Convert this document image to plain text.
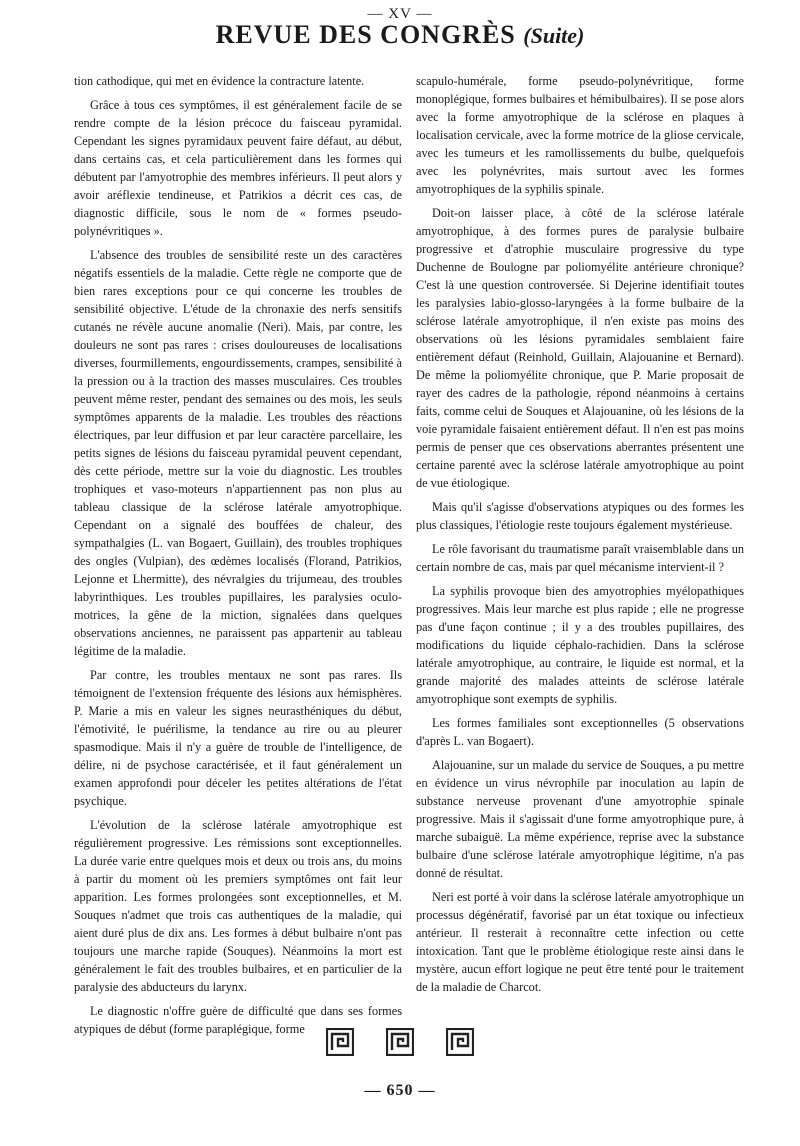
— XV —
REVUE DES CONGRÈS (Suite)

tion cathodique, qui met en évidence la contracture latente.

Grâce à tous ces symptômes, il est généralement facile de se rendre compte de la lésion précoce du faisceau pyramidal. Cependant les signes pyramidaux peuvent faire défaut, au début, dans certains cas, et cela particulièrement dans les formes qui débutent par l'amyotrophie des membres inférieurs. Il peut alors y avoir aréflexie tendineuse, et Patrikios a décrit ces cas, de diagnostic difficile, sous le nom de « formes pseudo-polynévritiques ».

L'absence des troubles de sensibilité reste un des caractères négatifs essentiels de la maladie. Cette règle ne comporte que de bien rares exceptions pour ce qui concerne les troubles de sensibilité objective. L'étude de la chronaxie des nerfs sensitifs cutanés ne révèle aucune anomalie (Neri). Mais, par contre, les douleurs ne sont pas rares : crises douloureuses de localisations diverses, fourmillements, engourdissements, crampes, sensibilité à la pression ou à la traction des masses musculaires. Ces troubles peuvent même rester, pendant des semaines ou des mois, les seuls symptômes apparents de la maladie. Les troubles des réactions électriques, par leur diffusion et par leur caractère parcellaire, les petits signes de lésions du faisceau pyramidal peuvent cependant, dès cette période, mettre sur la voie du diagnostic. Les troubles trophiques et vaso-moteurs n'appartiennent pas non plus au tableau classique de la sclérose latérale amyotrophique. Cependant on a signalé des bouffées de chaleur, des sympathalgies (L. van Bogaert, Guillain), des troubles trophiques des ongles (Vulpian), des œdèmes localisés (Florand, Patrikios, Lejonne et Lhermitte), des névralgies du trijumeau, des troubles labyrinthiques. Les troubles pupillaires, les paralysies oculo-motrices, la gêne de la miction, signalées dans quelques observations anciennes, ne paraissent pas appartenir au tableau légitime de la maladie.

Par contre, les troubles mentaux ne sont pas rares. Ils témoignent de l'extension fréquente des lésions aux hémisphères. P. Marie a mis en valeur les signes neurasthéniques du début, l'émotivité, le puérilisme, la tendance au rire ou au pleurer spasmodique. Mais il n'y a guère de trouble de l'intelligence, de délire, ni de psychose caractérisée, et il faut généralement un examen approfondi pour déceler les petites altérations de l'état psychique.

L'évolution de la sclérose latérale amyotrophique est régulièrement progressive. Les rémissions sont exceptionnelles. La durée varie entre quelques mois et deux ou trois ans, du moins à partir du moment où les premiers symptômes ont fait leur apparition. Les formes prolongées sont exceptionnelles, et M. Souques n'admet que trois cas authentiques de la maladie, qui aient duré plus de dix ans. Les formes à début bulbaire n'ont pas toujours une marche rapide (Souques). Néanmoins la mort est généralement le fait des troubles bulbaires, et en particulier de la paralysie des abducteurs du larynx.

Le diagnostic n'offre guère de difficulté que dans ses formes atypiques de début (forme paraplégique, forme

scapulo-humérale, forme pseudo-polynévritique, forme monoplégique, formes bulbaires et hémibulbaires). Il se pose alors avec la forme amyotrophique de la sclérose en plaques à localisation cervicale, avec la forme motrice de la gliose cervicale, avec les tumeurs et les ramollissements du bulbe, quelquefois avec les polynévrites, mais surtout avec les formes amyotrophiques de la syphilis spinale.

Doit-on laisser place, à côté de la sclérose latérale amyotrophique, à des formes pures de paralysie bulbaire progressive et d'atrophie musculaire progressive du type Duchenne de Boulogne par poliomyélite antérieure chronique? C'est là une question controversée. Si Dejerine identifiait toutes les paralysies labio-glosso-laryngées à la forme bulbaire de la sclérose latérale amyotrophique, il n'en existe pas moins des observations où les lésions pyramidales semblaient faire entièrement défaut (Reinhold, Guillain, Alajouanine et Bernard). De même la poliomyélite chronique, que P. Marie proposait de rayer des cadres de la pathologie, répond néanmoins à certains faits, comme celui de Souques et Alajouanine, où les lésions de la voie pyramidale faisaient entièrement défaut. Il n'en est pas moins permis de penser que ces observations aberrantes présentent une certaine parenté avec la sclérose latérale amyotrophique au point de vue étiologique.

Mais qu'il s'agisse d'observations atypiques ou des formes les plus classiques, l'étiologie reste toujours également mystérieuse.

Le rôle favorisant du traumatisme paraît vraisemblable dans un certain nombre de cas, mais par quel mécanisme intervient-il ?

La syphilis provoque bien des amyotrophies myélopathiques progressives. Mais leur marche est plus rapide ; elle ne progresse pas d'une façon continue ; il y a des troubles pupillaires, des modifications du liquide céphalo-rachidien. Dans la sclérose latérale amyotrophique, au contraire, le liquide est normal, et la grande majorité des malades atteints de sclérose latérale amyotrophique sont exempts de syphilis.

Les formes familiales sont exceptionnelles (5 observations d'après L. van Bogaert).

Alajouanine, sur un malade du service de Souques, a pu mettre en évidence un virus névrophile par inoculation au lapin de substance nerveuse provenant d'une amyotrophie spinale progressive. Mais il s'agissait d'une forme amyotrophique pure, à marche subaiguë. La même expérience, reprise avec la substance bulbaire d'une sclérose latérale amyotrophique légitime, n'a pas donné de résultat.

Neri est porté à voir dans la sclérose latérale amyotrophique un processus dégénératif, favorisé par un état toxique ou infectieux antérieur. Il resterait à reconnaître cette infection ou cette intoxication. Tant que le problème étiologique reste ainsi dans le mystère, aucun effort logique ne peut être tenté pour le traitement de la maladie de Charcot.

— 650 —
